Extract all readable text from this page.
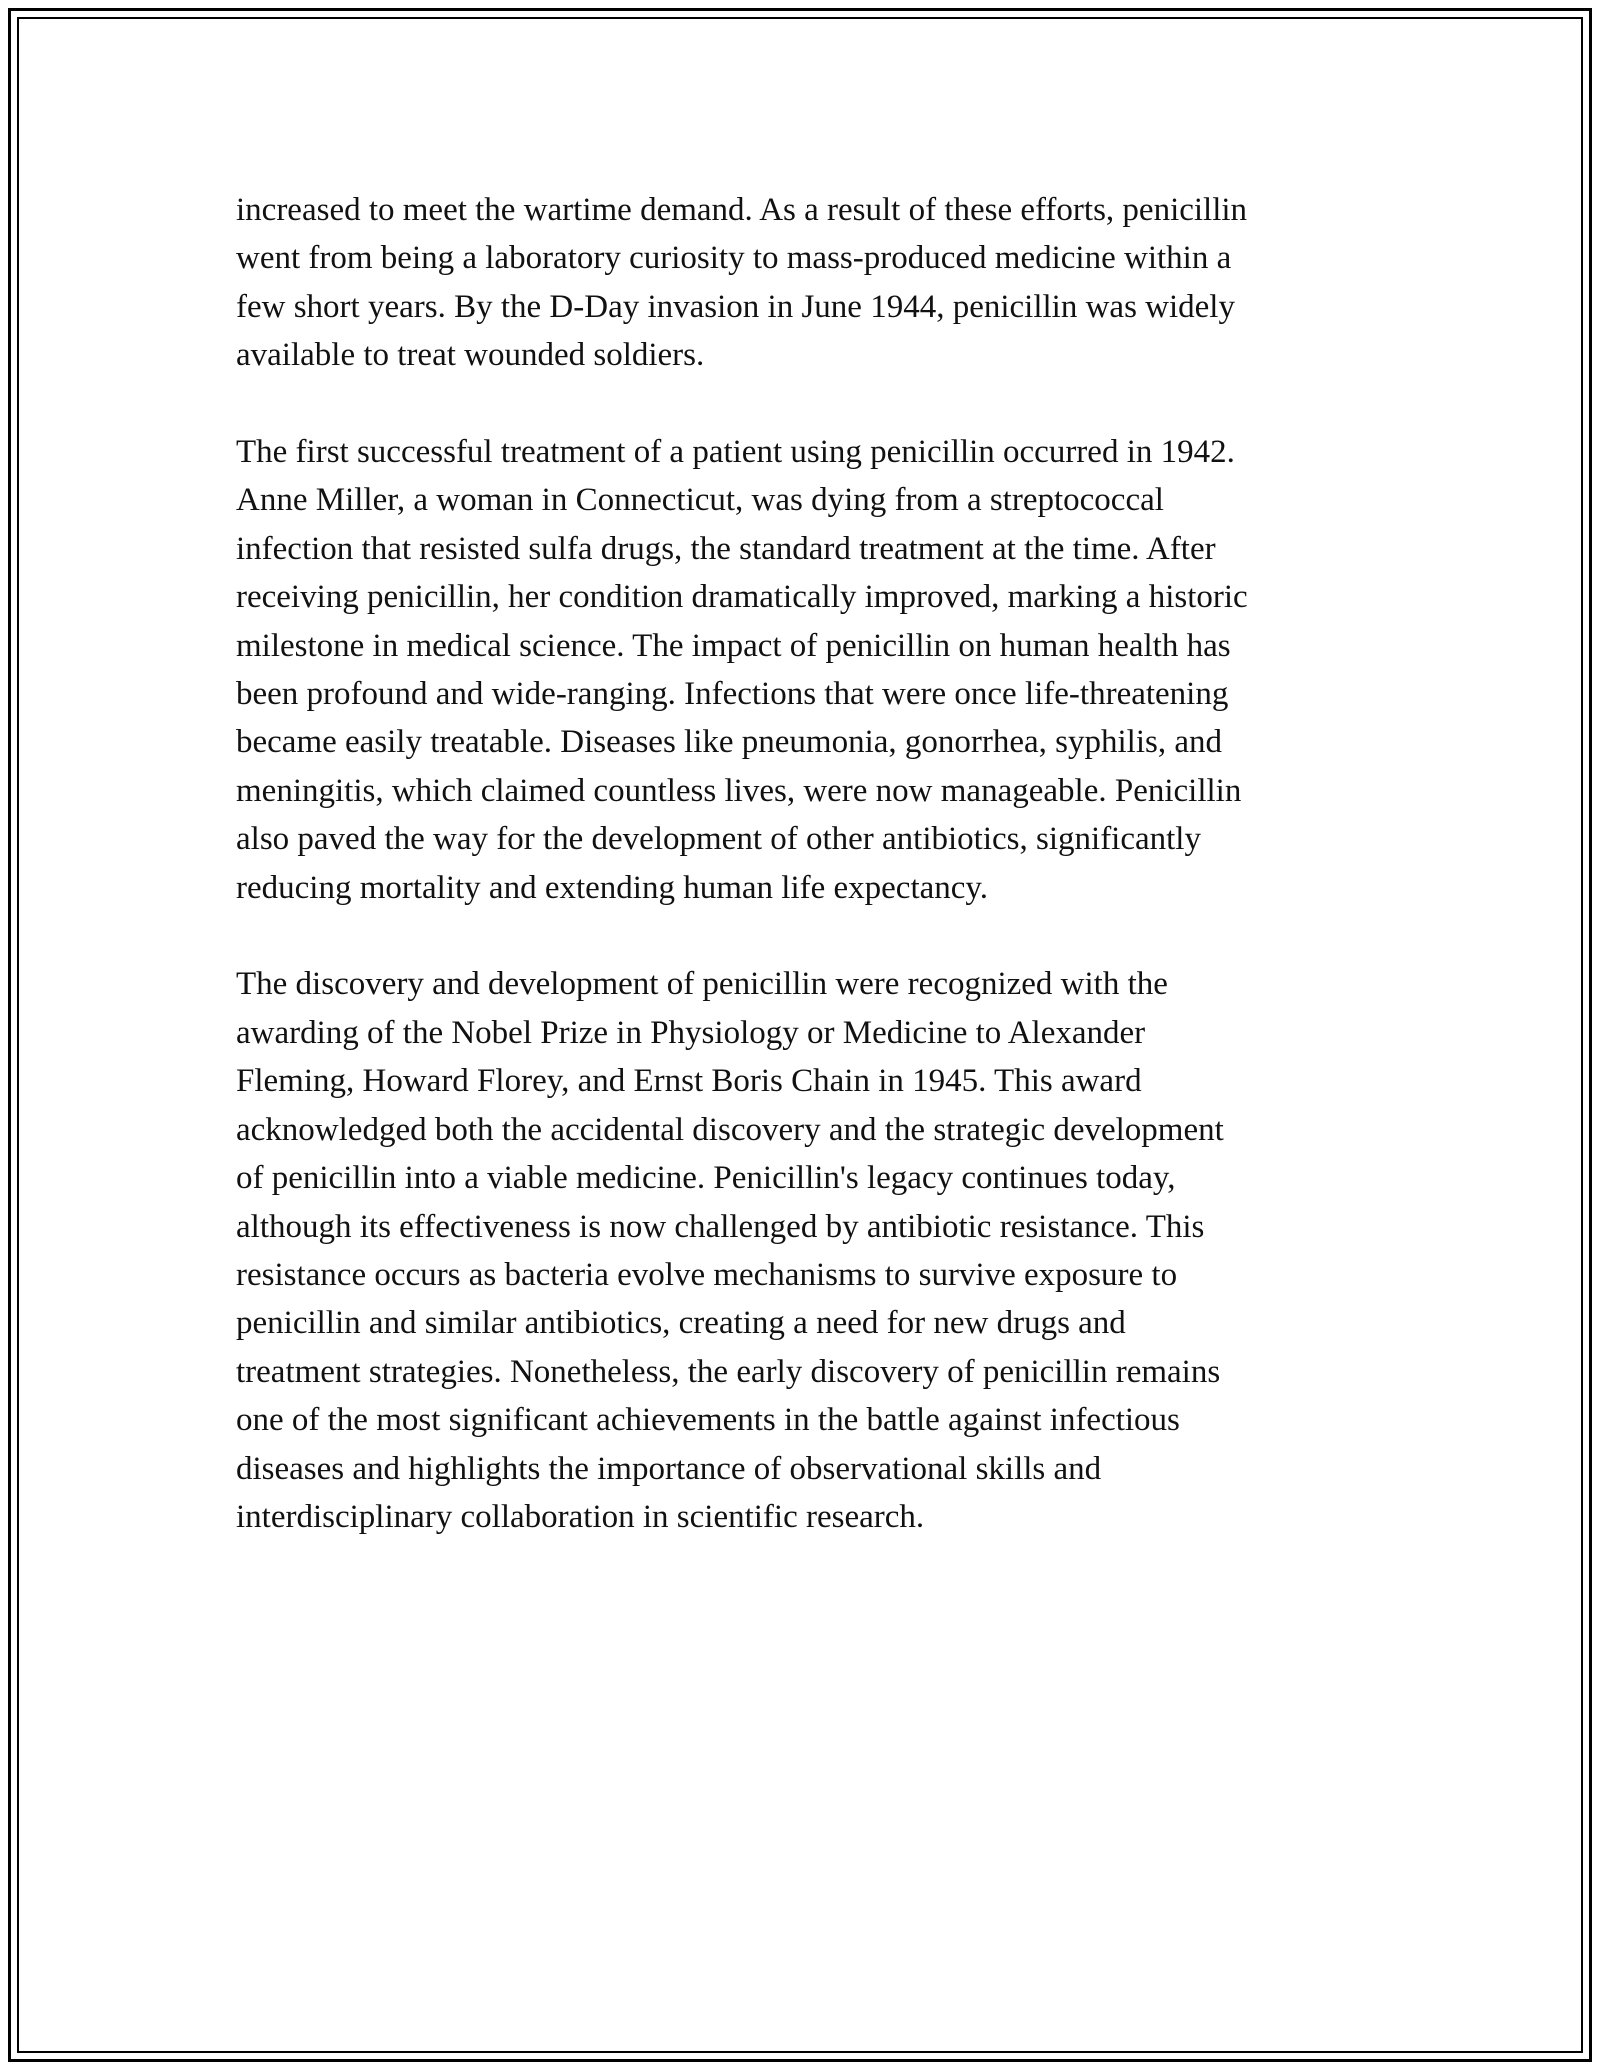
increased to meet the wartime demand. As a result of these efforts, penicillin
went from being a laboratory curiosity to mass-produced medicine within a
few short years. By the D-Day invasion in June 1944, penicillin was widely
available to treat wounded soldiers.

The first successful treatment of a patient using penicillin occurred in 1942.
Anne Miller, a woman in Connecticut, was dying from a streptococcal
infection that resisted sulfa drugs, the standard treatment at the time. After
receiving penicillin, her condition dramatically improved, marking a historic
milestone in medical science. The impact of penicillin on human health has
been profound and wide-ranging. Infections that were once life-threatening
became easily treatable. Diseases like pneumonia, gonorrhea, syphilis, and
meningitis, which claimed countless lives, were now manageable. Penicillin
also paved the way for the development of other antibiotics, significantly
reducing mortality and extending human life expectancy.

The discovery and development of penicillin were recognized with the
awarding of the Nobel Prize in Physiology or Medicine to Alexander
Fleming, Howard Florey, and Ernst Boris Chain in 1945. This award
acknowledged both the accidental discovery and the strategic development
of penicillin into a viable medicine. Penicillin's legacy continues today,
although its effectiveness is now challenged by antibiotic resistance. This
resistance occurs as bacteria evolve mechanisms to survive exposure to
penicillin and similar antibiotics, creating a need for new drugs and
treatment strategies. Nonetheless, the early discovery of penicillin remains
one of the most significant achievements in the battle against infectious
diseases and highlights the importance of observational skills and
interdisciplinary collaboration in scientific research.
